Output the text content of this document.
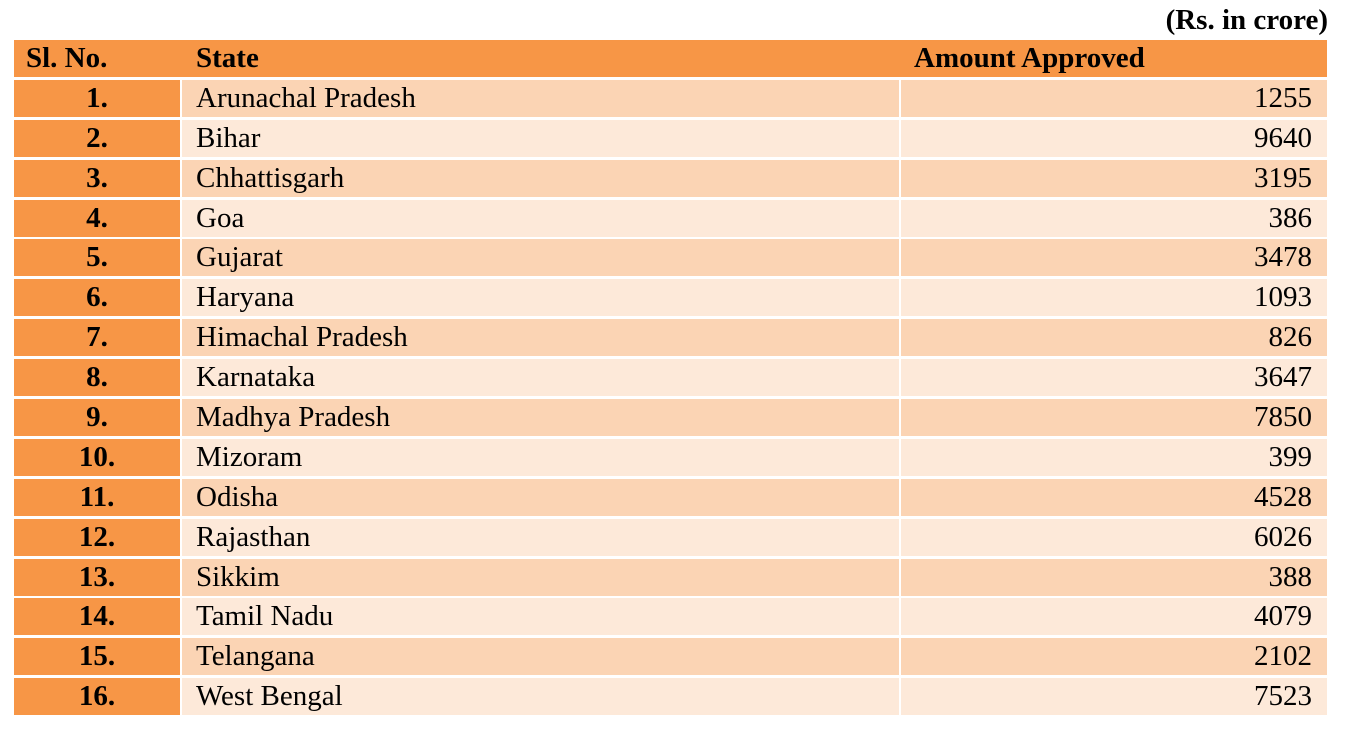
(Rs. in crore)
Sl. No.	State	Amount Approved
1.	Arunachal Pradesh	1255
2.	Bihar	9640
3.	Chhattisgarh	3195
4.	Goa	386
5.	Gujarat	3478
6.	Haryana	1093
7.	Himachal Pradesh	826
8.	Karnataka	3647
9.	Madhya Pradesh	7850
10.	Mizoram	399
11.	Odisha	4528
12.	Rajasthan	6026
13.	Sikkim	388
14.	Tamil Nadu	4079
15.	Telangana	2102
16.	West Bengal	7523
